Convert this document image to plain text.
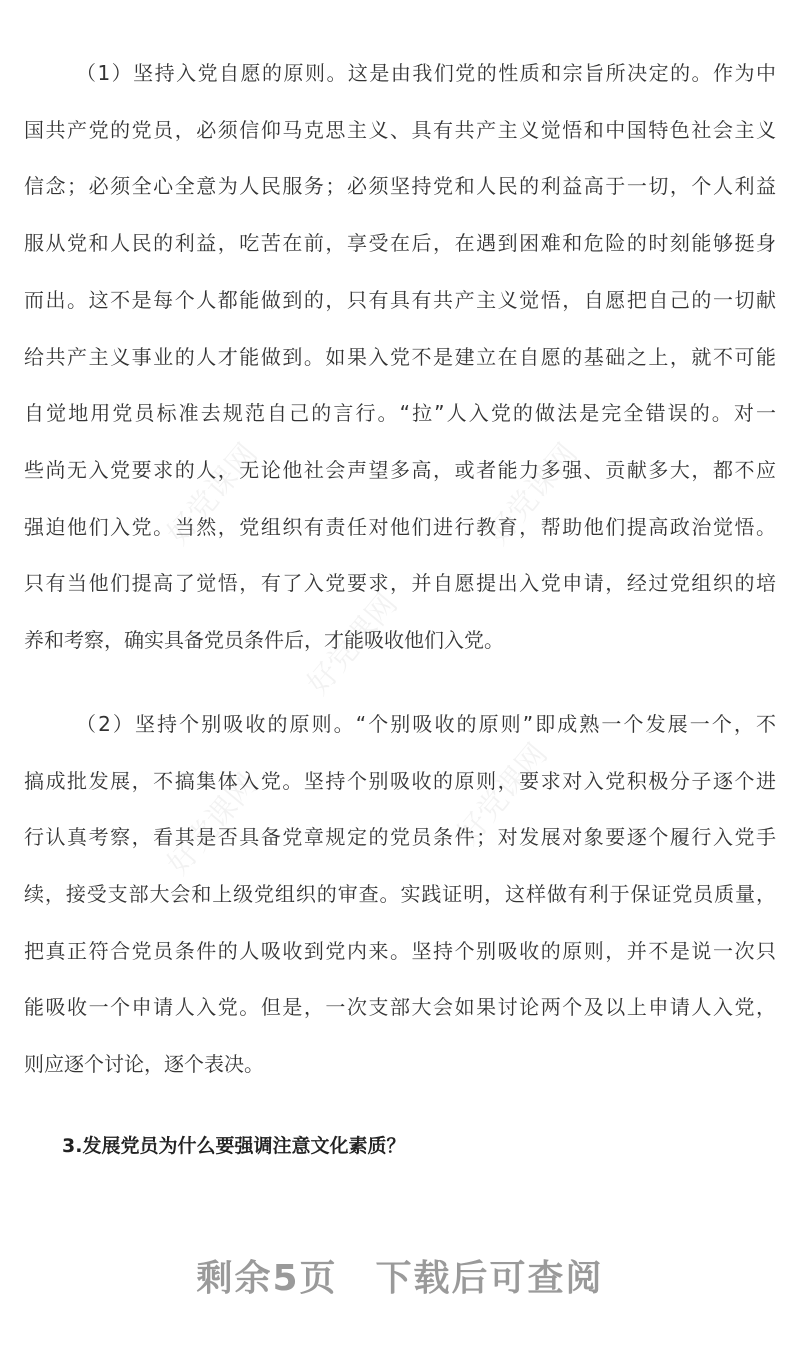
好党课网	好党课网
好党课网
好党课网	好党课网
（1）坚持入党自愿的原则。这是由我们党的性质和宗旨所决定的。作为中
国共产党的党员，必须信仰马克思主义、具有共产主义觉悟和中国特色社会主义
信念；必须全心全意为人民服务；必须坚持党和人民的利益高于一切，个人利益
服从党和人民的利益，吃苦在前，享受在后，在遇到困难和危险的时刻能够挺身
而出。这不是每个人都能做到的，只有具有共产主义觉悟，自愿把自己的一切献
给共产主义事业的人才能做到。如果入党不是建立在自愿的基础之上，就不可能
自觉地用党员标准去规范自己的言行。“拉”人入党的做法是完全错误的。对一
些尚无入党要求的人，无论他社会声望多高，或者能力多强、贡献多大，都不应
强迫他们入党。当然，党组织有责任对他们进行教育，帮助他们提高政治觉悟。
只有当他们提高了觉悟，有了入党要求，并自愿提出入党申请，经过党组织的培
养和考察，确实具备党员条件后，才能吸收他们入党。
（2）坚持个别吸收的原则。“个别吸收的原则”即成熟一个发展一个，不
搞成批发展，不搞集体入党。坚持个别吸收的原则，要求对入党积极分子逐个进
行认真考察，看其是否具备党章规定的党员条件；对发展对象要逐个履行入党手
续，接受支部大会和上级党组织的审查。实践证明，这样做有利于保证党员质量，
把真正符合党员条件的人吸收到党内来。坚持个别吸收的原则，并不是说一次只
能吸收一个申请人入党。但是，一次支部大会如果讨论两个及以上申请人入党，
则应逐个讨论，逐个表决。
3.发展党员为什么要强调注意文化素质？
剩余5页　下载后可查阅
